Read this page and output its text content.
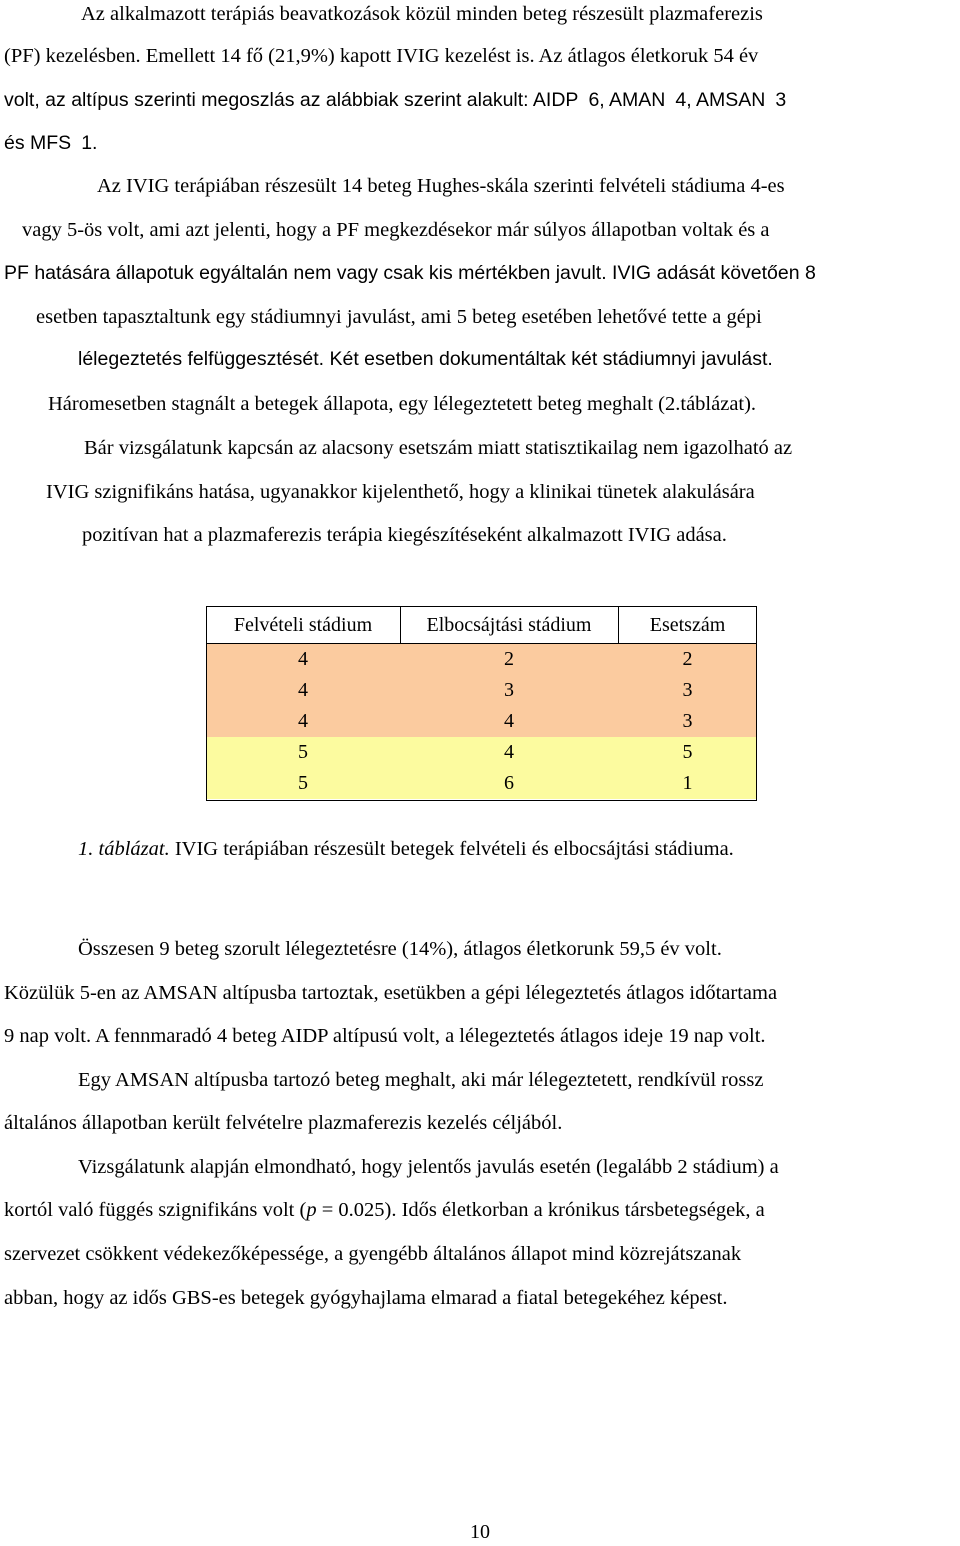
Az alkalmazott terápiás beavatkozások közül minden beteg részesült plazmaferezis
(PF) kezelésben. Emellett 14 fő (21,9%) kapott IVIG kezelést is. Az átlagos életkoruk 54 év
volt, az altípus szerinti megoszlás az alábbiak szerint alakult: AIDP 6, AMAN 4, AMSAN 3
és MFS 1.
Az IVIG terápiában részesült 14 beteg Hughes-skála szerinti felvételi stádiuma 4-es
vagy 5-ös volt, ami azt jelenti, hogy a PF megkezdésekor már súlyos állapotban voltak és a
PF hatására állapotuk egyáltalán nem vagy csak kis mértékben javult. IVIG adását követően 8
esetben tapasztaltunk egy stádiumnyi javulást, ami 5 beteg esetében lehetővé tette a gépi
lélegeztetés felfüggesztését. Két esetben dokumentáltak két stádiumnyi javulást.
Háromesetben stagnált a betegek állapota, egy lélegeztetett beteg meghalt (2.táblázat).
Bár vizsgálatunk kapcsán az alacsony esetszám miatt statisztikailag nem igazolható az
IVIG szignifikáns hatása, ugyanakkor kijelenthető, hogy a klinikai tünetek alakulására
pozitívan hat a plazmaferezis terápia kiegészítéseként alkalmazott IVIG adása.
Felvételi stádium	Elbocsájtási stádium	Esetszám
4	2	2
4	3	3
4	4	3
5	4	5
5	6	1
1. táblázat. IVIG terápiában részesült betegek felvételi és elbocsájtási stádiuma.
Összesen 9 beteg szorult lélegeztetésre (14%), átlagos életkorunk 59,5 év volt.
Közülük 5-en az AMSAN altípusba tartoztak, esetükben a gépi lélegeztetés átlagos időtartama
9 nap volt. A fennmaradó 4 beteg AIDP altípusú volt, a lélegeztetés átlagos ideje 19 nap volt.
Egy AMSAN altípusba tartozó beteg meghalt, aki már lélegeztetett, rendkívül rossz
általános állapotban került felvételre plazmaferezis kezelés céljából.
Vizsgálatunk alapján elmondható, hogy jelentős javulás esetén (legalább 2 stádium) a
kortól való függés szignifikáns volt (p = 0.025). Idős életkorban a krónikus társbetegségek, a
szervezet csökkent védekezőképessége, a gyengébb általános állapot mind közrejátszanak
abban, hogy az idős GBS-es betegek gyógyhajlama elmarad a fiatal betegekéhez képest.
10
